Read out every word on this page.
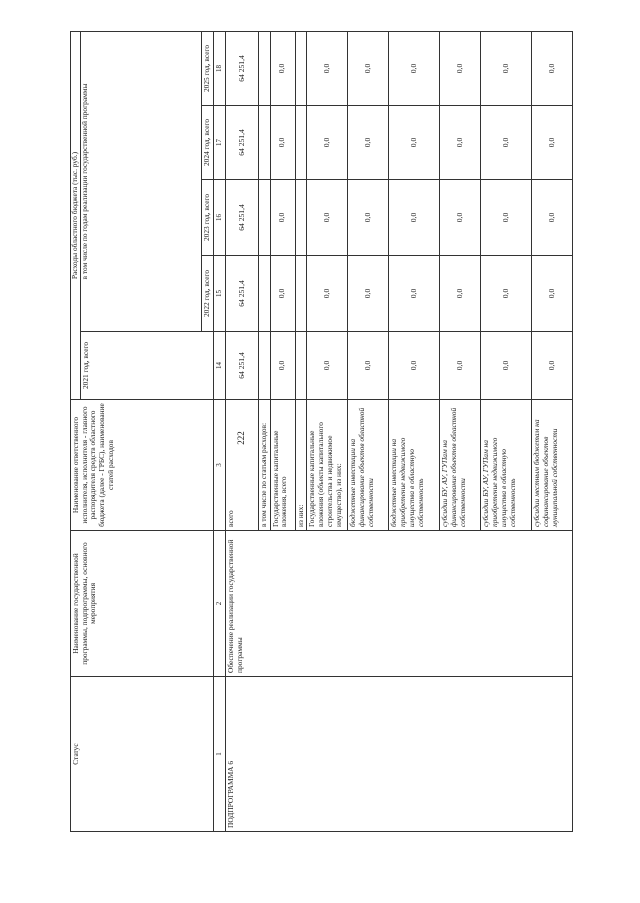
222
Статус	Наименование государственной программы, подпрограммы, основного мероприятия	Наименование ответственного исполнителя, исполнителя - главного распорядителя средств областного бюджета (далее - ГРБС), наименование статей расходов	Расходы областного бюджета (тыс. руб.)				
			2021 год, всего	в том числе по годам реализации государственной программы			
				2022 год, всего	2023 год, всего	2024 год, всего	2025 год, всего
1	2	3	14	15	16	17	18
ПОДПРОГРАММА 6	Обеспечение реализации государственной программы	всего	64 251,4	64 251,4	64 251,4	64 251,4	64 251,4
		в том числе по статьям расходов:					
		Государственные капитальные вложения, всего	0,0	0,0	0,0	0,0	0,0
		из них:					
		Государственные капитальные вложения (объекты капитального строительства и недвижимое имущество), из них:	0,0	0,0	0,0	0,0	0,0
		бюджетные инвестиции на финансирование объектов областной собственности	0,0	0,0	0,0	0,0	0,0
		бюджетные инвестиции на приобретение недвижимого имущества в областную собственность	0,0	0,0	0,0	0,0	0,0
		субсидии БУ, АУ, ГУПам на финансирование объектов областной собственности	0,0	0,0	0,0	0,0	0,0
		субсидии БУ, АУ, ГУПам на приобретение недвижимого имущества в областную собственность	0,0	0,0	0,0	0,0	0,0
		субсидии местным бюджетам на софинансирование объектов муниципальной собственности	0,0	0,0	0,0	0,0	0,0
